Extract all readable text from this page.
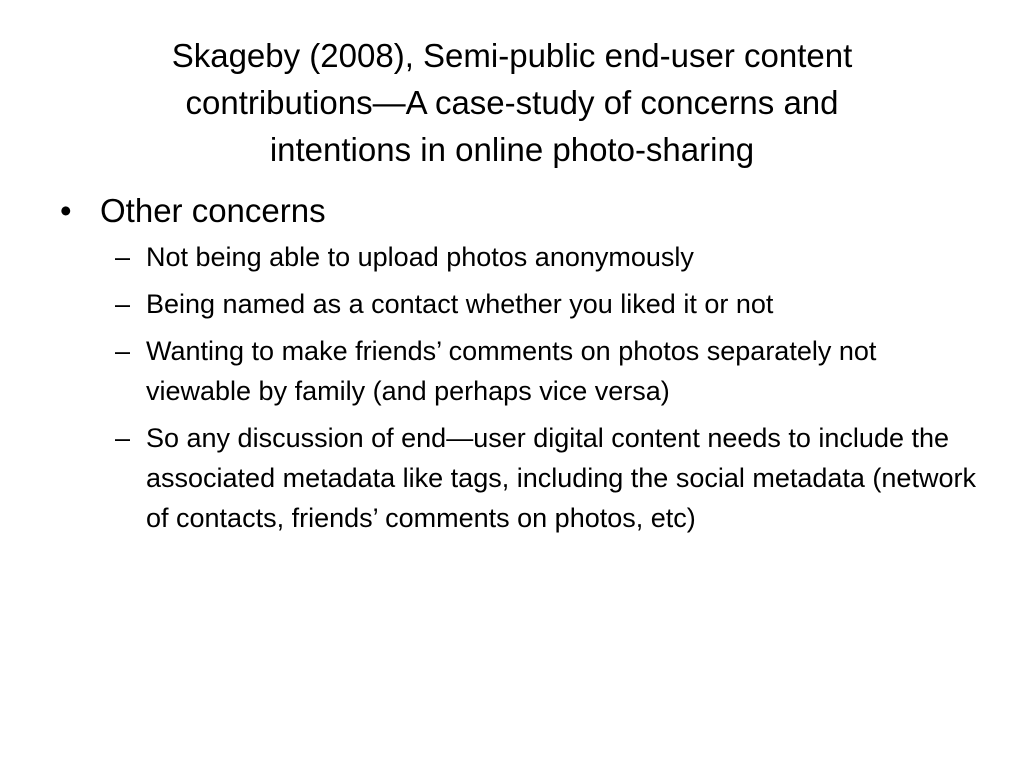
Skageby (2008), Semi-public end-user content
contributions—A case-study of concerns and
intentions in online photo-sharing
• Other concerns
– Not being able to upload photos anonymously
– Being named as a contact whether you liked it or not
– Wanting to make friends’ comments on photos separately not viewable by family (and perhaps vice versa)
– So any discussion of end—user digital content needs to include the associated metadata like tags, including the social metadata (network of contacts, friends’ comments on photos, etc)
